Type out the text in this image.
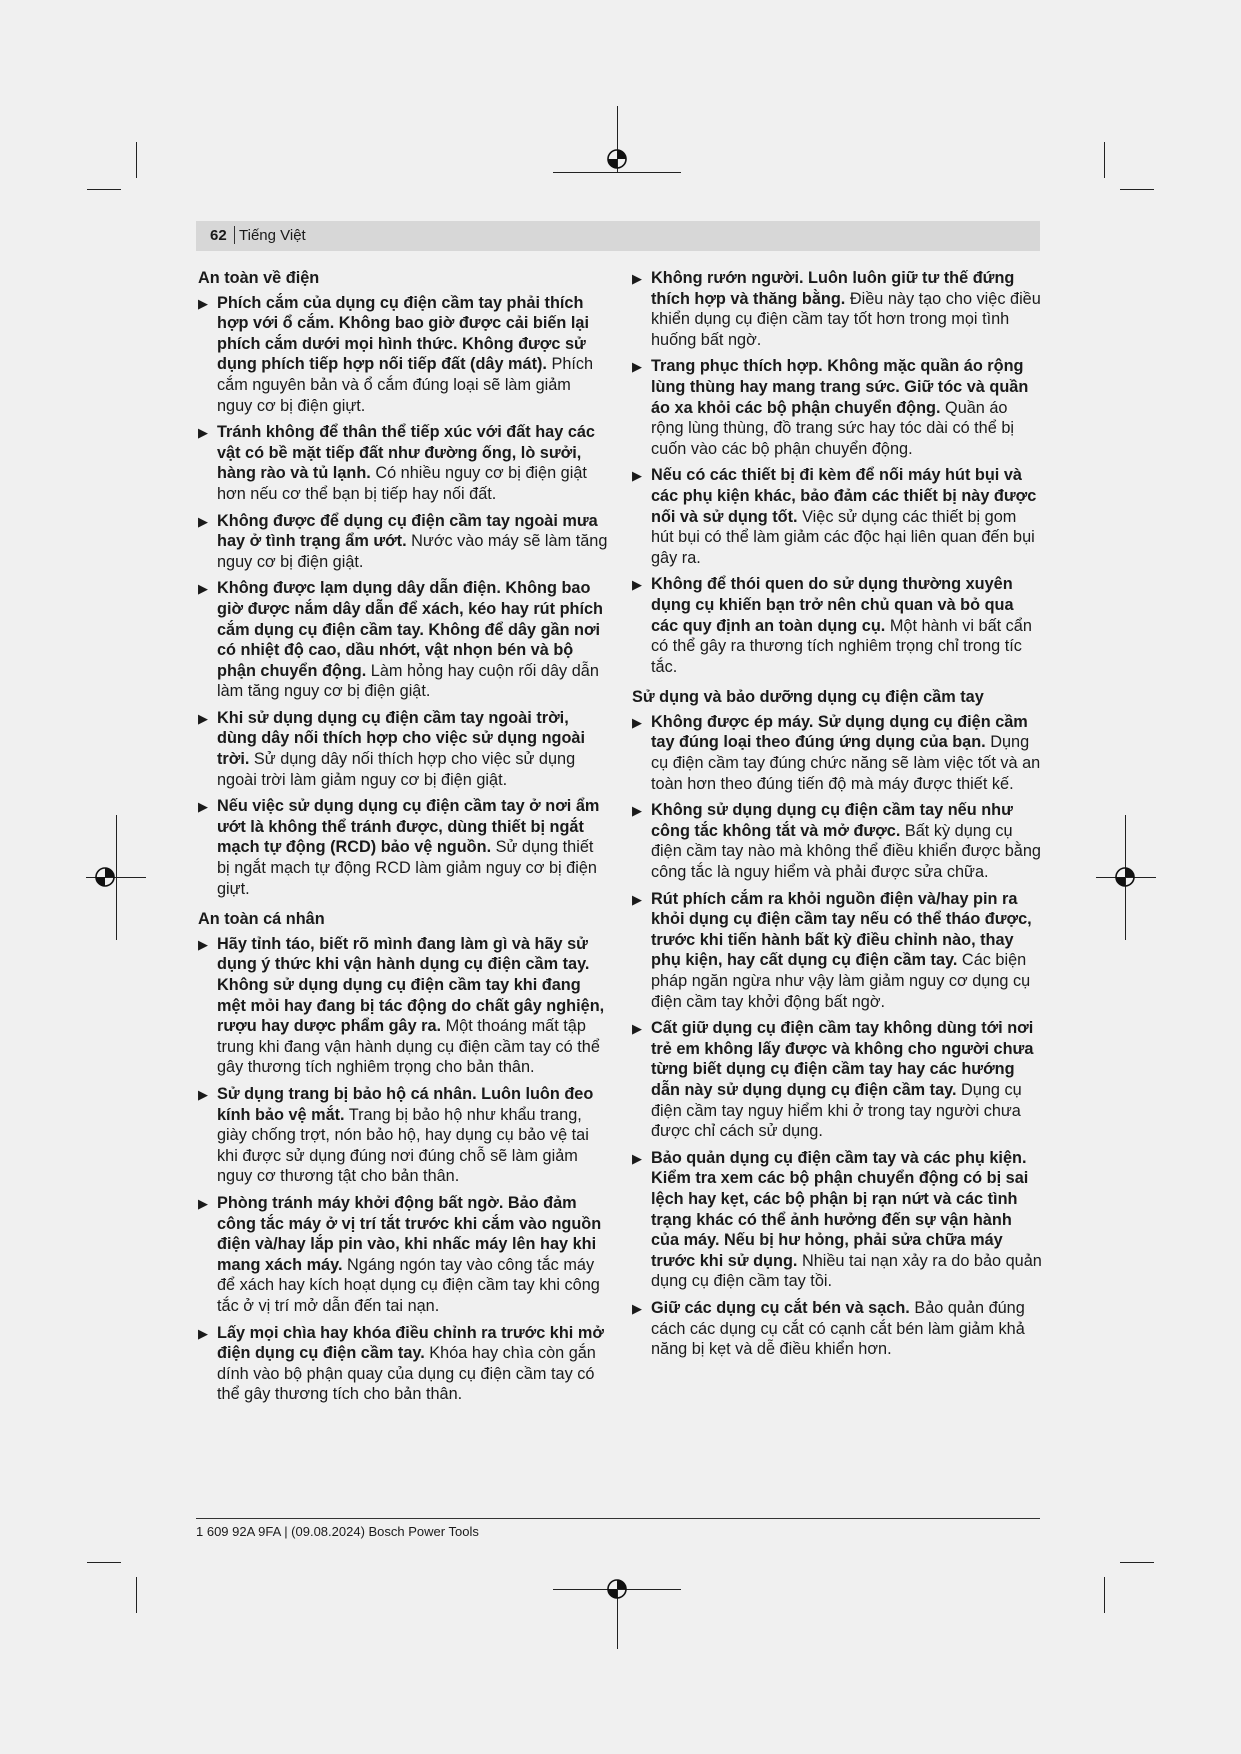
62 Tiếng Việt
An toàn về điện
▶ Phích cắm của dụng cụ điện cầm tay phải thích hợp với ổ cắm. Không bao giờ được cải biến lại phích cắm dưới mọi hình thức. Không được sử dụng phích tiếp hợp nối tiếp đất (dây mát). Phích cắm nguyên bản và ổ cắm đúng loại sẽ làm giảm nguy cơ bị điện giựt.
▶ Tránh không để thân thể tiếp xúc với đất hay các vật có bề mặt tiếp đất như đường ống, lò sưởi, hàng rào và tủ lạnh. Có nhiều nguy cơ bị điện giật hơn nếu cơ thể bạn bị tiếp hay nối đất.
▶ Không được để dụng cụ điện cầm tay ngoài mưa hay ở tình trạng ẩm ướt. Nước vào máy sẽ làm tăng nguy cơ bị điện giật.
▶ Không được lạm dụng dây dẫn điện. Không bao giờ được nắm dây dẫn để xách, kéo hay rút phích cắm dụng cụ điện cầm tay. Không để dây gần nơi có nhiệt độ cao, dầu nhớt, vật nhọn bén và bộ phận chuyển động. Làm hỏng hay cuộn rối dây dẫn làm tăng nguy cơ bị điện giật.
▶ Khi sử dụng dụng cụ điện cầm tay ngoài trời, dùng dây nối thích hợp cho việc sử dụng ngoài trời. Sử dụng dây nối thích hợp cho việc sử dụng ngoài trời làm giảm nguy cơ bị điện giật.
▶ Nếu việc sử dụng dụng cụ điện cầm tay ở nơi ẩm ướt là không thể tránh được, dùng thiết bị ngắt mạch tự động (RCD) bảo vệ nguồn. Sử dụng thiết bị ngắt mạch tự động RCD làm giảm nguy cơ bị điện giựt.
An toàn cá nhân
▶ Hãy tỉnh táo, biết rõ mình đang làm gì và hãy sử dụng ý thức khi vận hành dụng cụ điện cầm tay. Không sử dụng dụng cụ điện cầm tay khi đang mệt mỏi hay đang bị tác động do chất gây nghiện, rượu hay dược phẩm gây ra. Một thoáng mất tập trung khi đang vận hành dụng cụ điện cầm tay có thể gây thương tích nghiêm trọng cho bản thân.
▶ Sử dụng trang bị bảo hộ cá nhân. Luôn luôn đeo kính bảo vệ mắt. Trang bị bảo hộ như khẩu trang, giày chống trợt, nón bảo hộ, hay dụng cụ bảo vệ tai khi được sử dụng đúng nơi đúng chỗ sẽ làm giảm nguy cơ thương tật cho bản thân.
▶ Phòng tránh máy khởi động bất ngờ. Bảo đảm công tắc máy ở vị trí tắt trước khi cắm vào nguồn điện và/hay lắp pin vào, khi nhấc máy lên hay khi mang xách máy. Ngáng ngón tay vào công tắc máy để xách hay kích hoạt dụng cụ điện cầm tay khi công tắc ở vị trí mở dẫn đến tai nạn.
▶ Lấy mọi chìa hay khóa điều chỉnh ra trước khi mở điện dụng cụ điện cầm tay. Khóa hay chìa còn gắn dính vào bộ phận quay của dụng cụ điện cầm tay có thể gây thương tích cho bản thân.
▶ Không rướn người. Luôn luôn giữ tư thế đứng thích hợp và thăng bằng. Điều này tạo cho việc điều khiển dụng cụ điện cầm tay tốt hơn trong mọi tình huống bất ngờ.
▶ Trang phục thích hợp. Không mặc quần áo rộng lùng thùng hay mang trang sức. Giữ tóc và quần áo xa khỏi các bộ phận chuyển động. Quần áo rộng lùng thùng, đồ trang sức hay tóc dài có thể bị cuốn vào các bộ phận chuyển động.
▶ Nếu có các thiết bị đi kèm để nối máy hút bụi và các phụ kiện khác, bảo đảm các thiết bị này được nối và sử dụng tốt. Việc sử dụng các thiết bị gom hút bụi có thể làm giảm các độc hại liên quan đến bụi gây ra.
▶ Không để thói quen do sử dụng thường xuyên dụng cụ khiến bạn trở nên chủ quan và bỏ qua các quy định an toàn dụng cụ. Một hành vi bất cẩn có thể gây ra thương tích nghiêm trọng chỉ trong tíc tắc.
Sử dụng và bảo dưỡng dụng cụ điện cầm tay
▶ Không được ép máy. Sử dụng dụng cụ điện cầm tay đúng loại theo đúng ứng dụng của bạn. Dụng cụ điện cầm tay đúng chức năng sẽ làm việc tốt và an toàn hơn theo đúng tiến độ mà máy được thiết kế.
▶ Không sử dụng dụng cụ điện cầm tay nếu như công tắc không tắt và mở được. Bất kỳ dụng cụ điện cầm tay nào mà không thể điều khiển được bằng công tắc là nguy hiểm và phải được sửa chữa.
▶ Rút phích cắm ra khỏi nguồn điện và/hay pin ra khỏi dụng cụ điện cầm tay nếu có thể tháo được, trước khi tiến hành bất kỳ điều chỉnh nào, thay phụ kiện, hay cất dụng cụ điện cầm tay. Các biện pháp ngăn ngừa như vậy làm giảm nguy cơ dụng cụ điện cầm tay khởi động bất ngờ.
▶ Cất giữ dụng cụ điện cầm tay không dùng tới nơi trẻ em không lấy được và không cho người chưa từng biết dụng cụ điện cầm tay hay các hướng dẫn này sử dụng dụng cụ điện cầm tay. Dụng cụ điện cầm tay nguy hiểm khi ở trong tay người chưa được chỉ cách sử dụng.
▶ Bảo quản dụng cụ điện cầm tay và các phụ kiện. Kiểm tra xem các bộ phận chuyển động có bị sai lệch hay kẹt, các bộ phận bị rạn nứt và các tình trạng khác có thể ảnh hưởng đến sự vận hành của máy. Nếu bị hư hỏng, phải sửa chữa máy trước khi sử dụng. Nhiều tai nạn xảy ra do bảo quản dụng cụ điện cầm tay tồi.
▶ Giữ các dụng cụ cắt bén và sạch. Bảo quản đúng cách các dụng cụ cắt có cạnh cắt bén làm giảm khả năng bị kẹt và dễ điều khiển hơn.
1 609 92A 9FA | (09.08.2024) Bosch Power Tools
